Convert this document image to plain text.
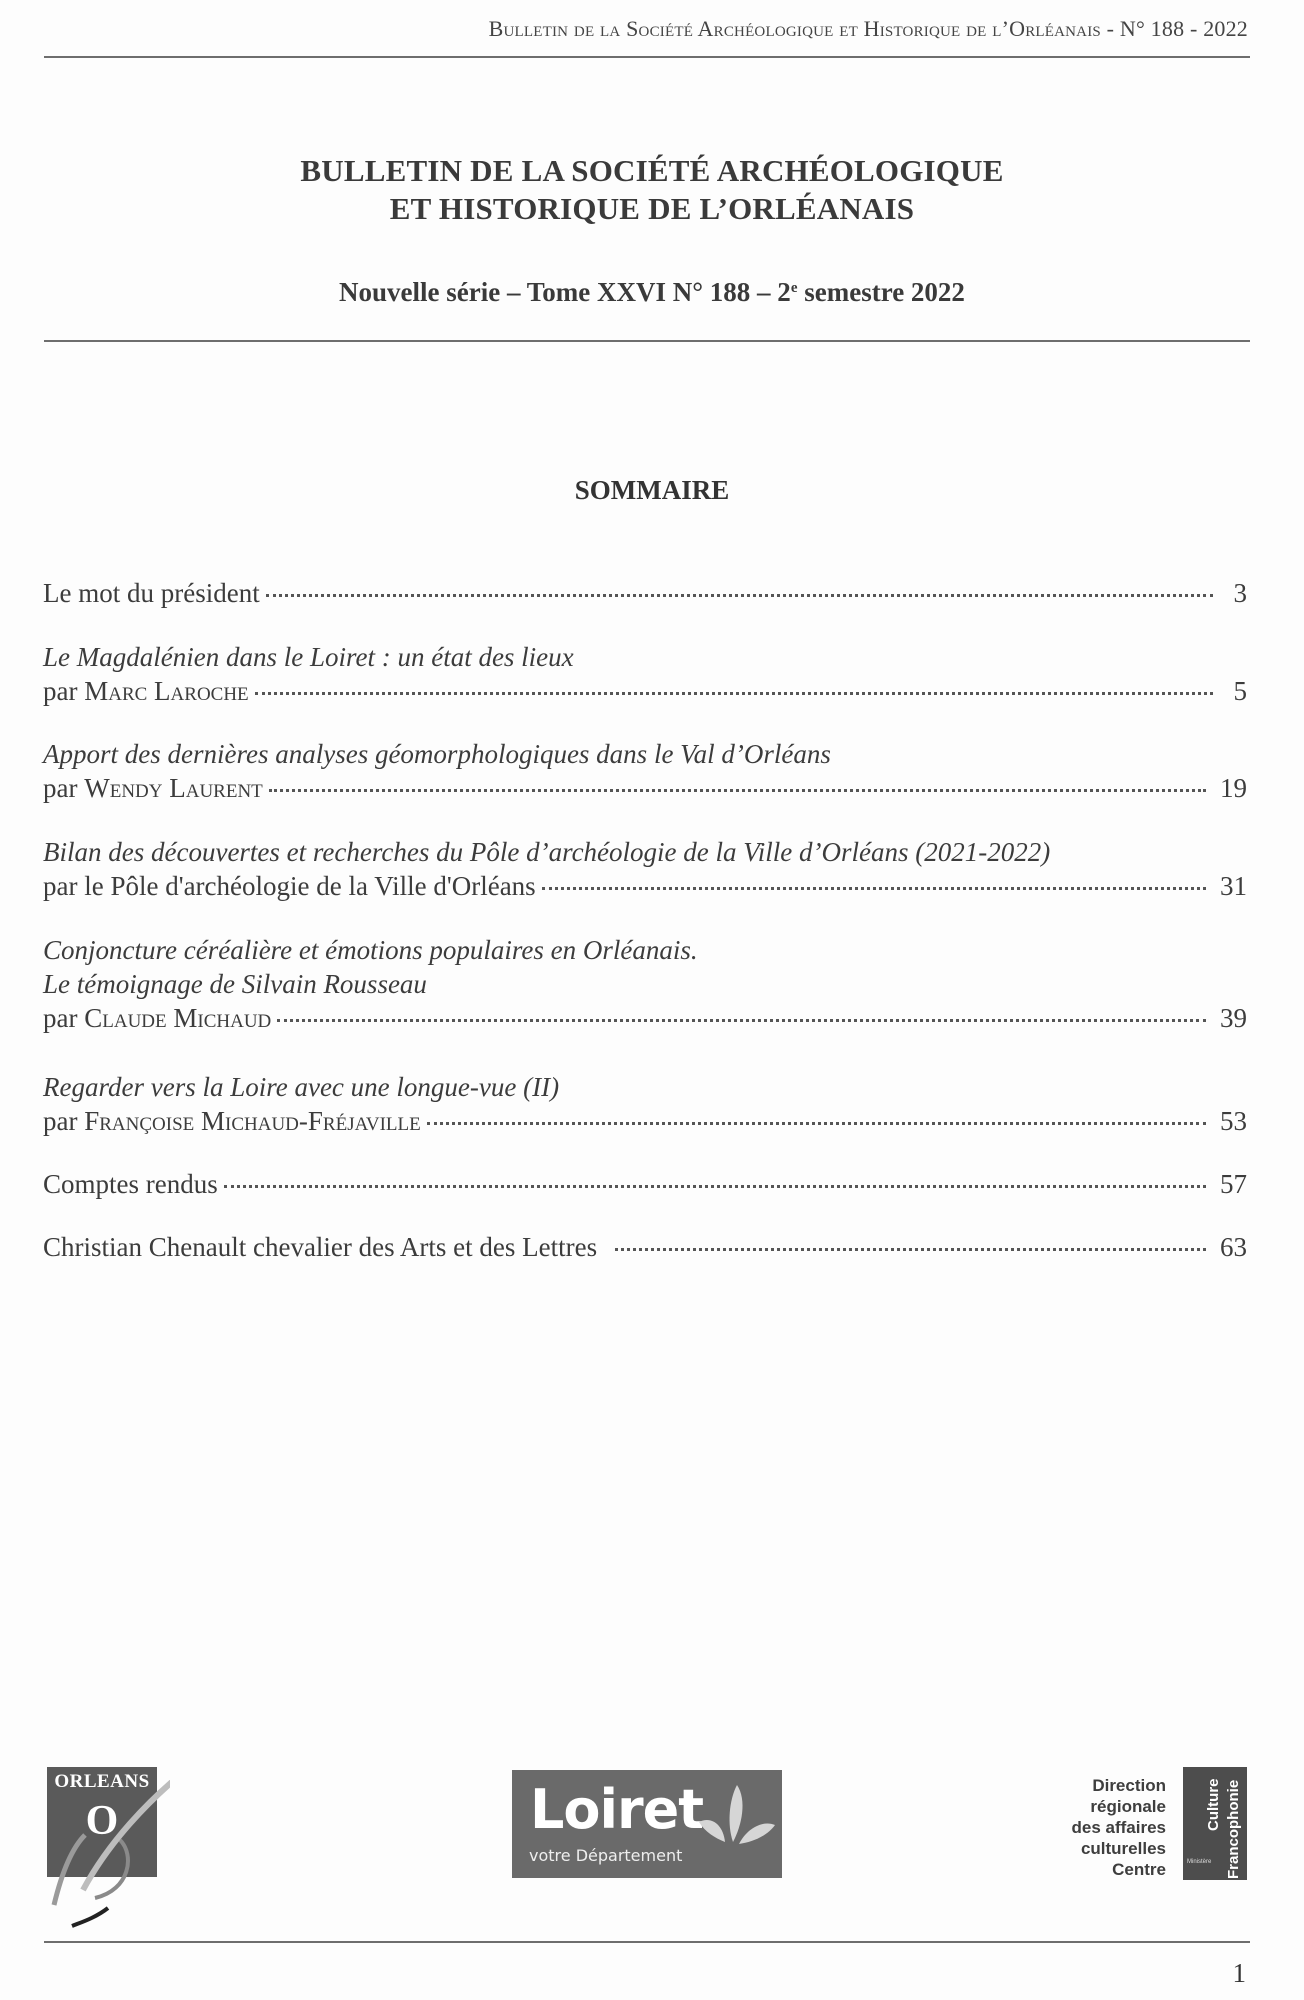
Bulletin de la Société Archéologique et Historique de l’Orléanais - N° 188 - 2022
BULLETIN DE LA SOCIÉTÉ ARCHÉOLOGIQUE
ET HISTORIQUE DE L’ORLÉANAIS
Nouvelle série – Tome XXVI N° 188 – 2e semestre 2022
SOMMAIRE
Le mot du président	3
Le Magdalénien dans le Loiret : un état des lieux
par Marc Laroche	5
Apport des dernières analyses géomorphologiques dans le Val d’Orléans
par Wendy Laurent	19
Bilan des découvertes et recherches du Pôle d’archéologie de la Ville d’Orléans (2021-2022)
par le Pôle d'archéologie de la Ville d'Orléans	31
Conjoncture céréalière et émotions populaires en Orléanais.
Le témoignage de Silvain Rousseau
par Claude Michaud	39
Regarder vers la Loire avec une longue-vue (II)
par Françoise Michaud-Fréjaville	53
Comptes rendus	57
Christian Chenault chevalier des Arts et des Lettres	63
ORLEANS
O	Loiret
votre Département
Direction
régionale
des affaires
culturelles
Centre
Culture Francophonie
Ministère
1
